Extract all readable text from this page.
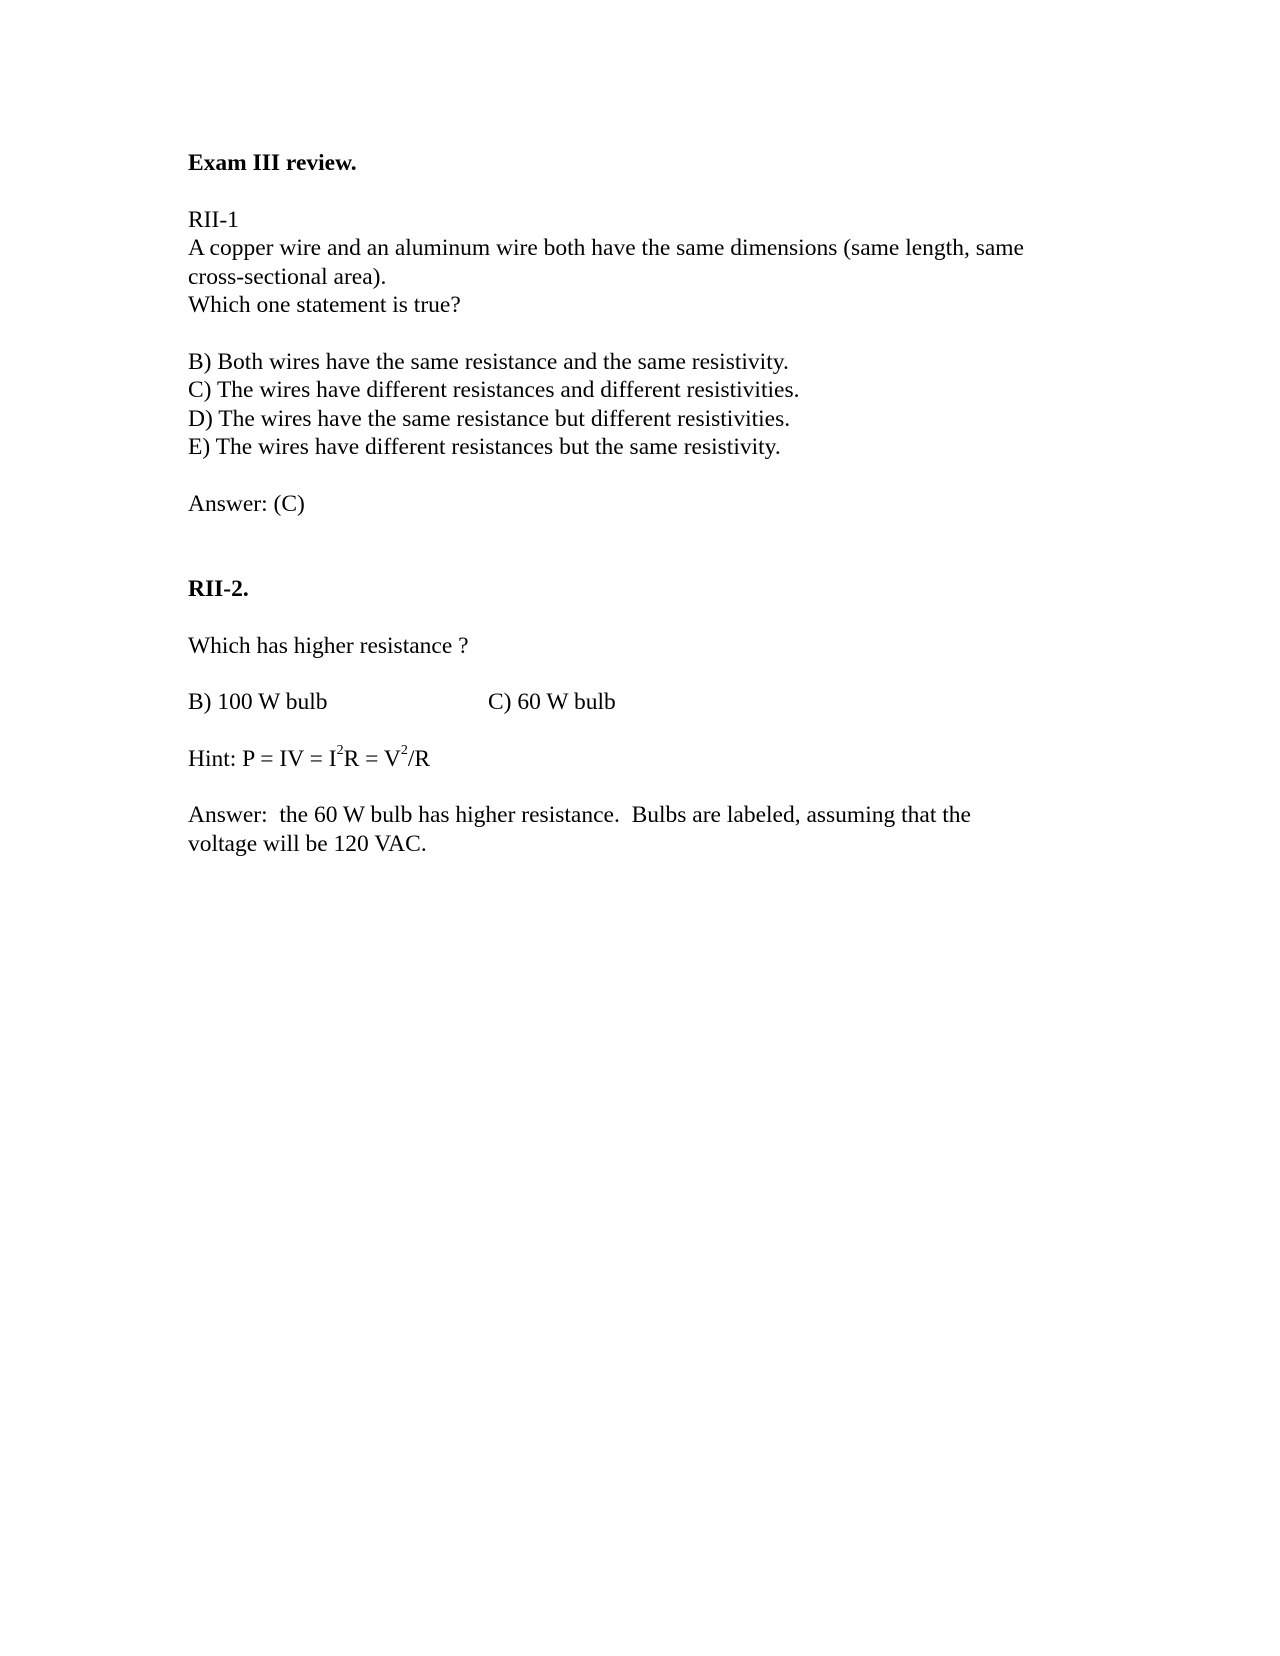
Exam III review.
RII-1
A copper wire and an aluminum wire both have the same dimensions (same length, same
cross-sectional area).
Which one statement is true?
B) Both wires have the same resistance and the same resistivity.
C) The wires have different resistances and different resistivities.
D) The wires have the same resistance but different resistivities.
E) The wires have different resistances but the same resistivity.
Answer: (C)
RII-2.
Which has higher resistance ?
B) 100 W bulb	C) 60 W bulb
Hint: P = IV = $I^2R = V^2/R$
Answer:  the 60 W bulb has higher resistance.  Bulbs are labeled, assuming that the
voltage will be 120 VAC.
